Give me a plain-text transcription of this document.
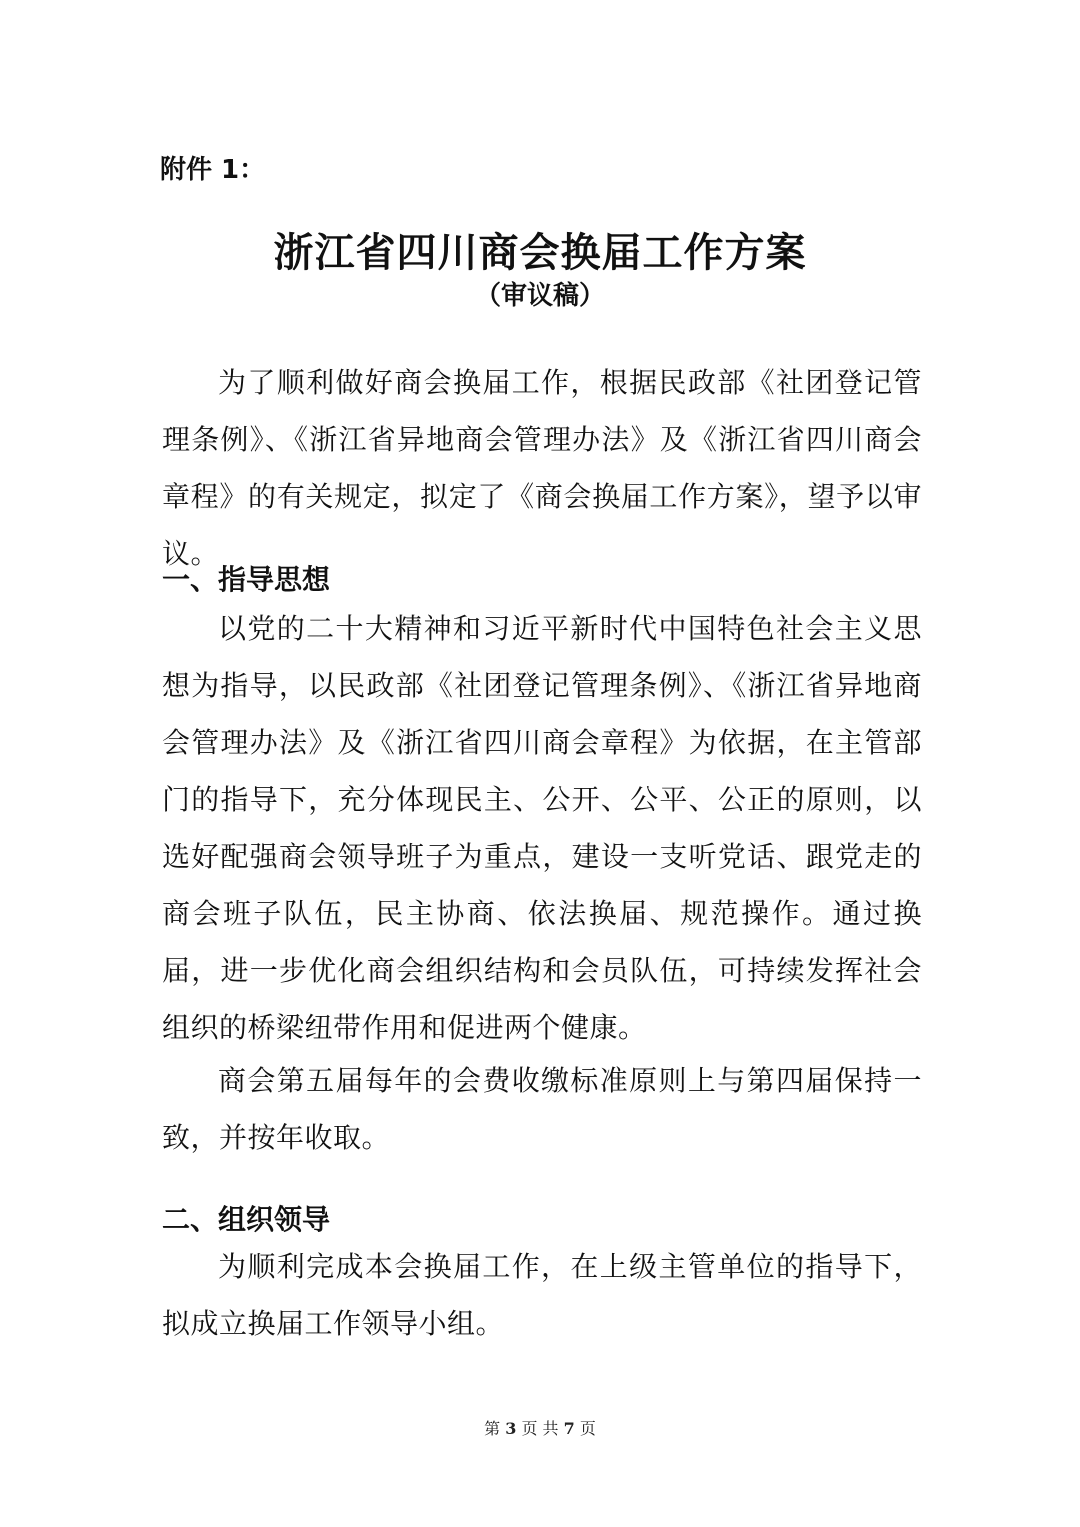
附件 1：
浙江省四川商会换届工作方案
（审议稿）
为了顺利做好商会换届工作，根据民政部《社团登记管理条例》、《浙江省异地商会管理办法》及《浙江省四川商会章程》的有关规定，拟定了《商会换届工作方案》，望予以审议。
一、指导思想
以党的二十大精神和习近平新时代中国特色社会主义思想为指导，以民政部《社团登记管理条例》、《浙江省异地商会管理办法》及《浙江省四川商会章程》为依据，在主管部门的指导下，充分体现民主、公开、公平、公正的原则，以选好配强商会领导班子为重点，建设一支听党话、跟党走的商会班子队伍，民主协商、依法换届、规范操作。通过换届，进一步优化商会组织结构和会员队伍，可持续发挥社会组织的桥梁纽带作用和促进两个健康。
商会第五届每年的会费收缴标准原则上与第四届保持一致，并按年收取。
二、组织领导
为顺利完成本会换届工作，在上级主管单位的指导下，拟成立换届工作领导小组。
第 3 页 共 7 页
